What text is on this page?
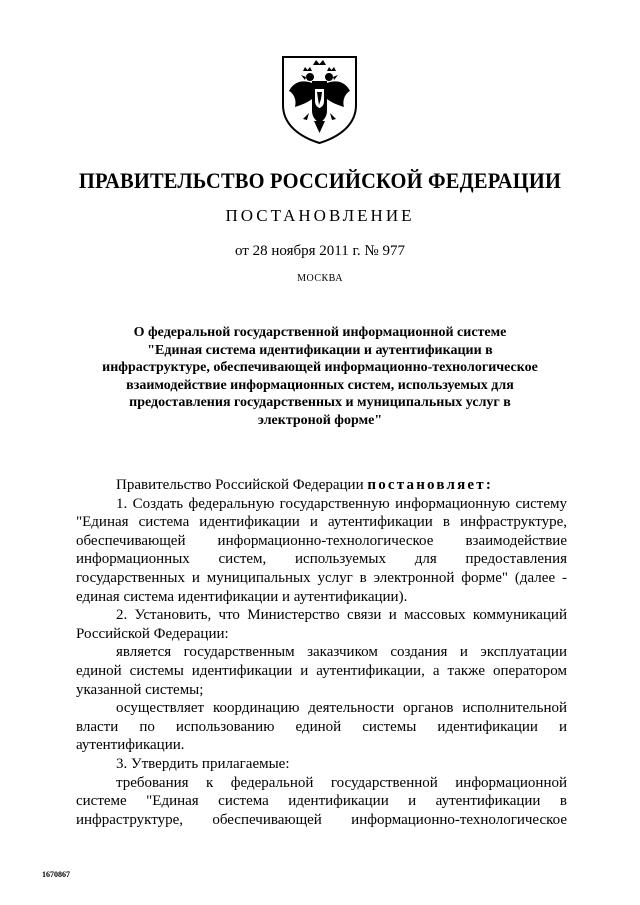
ПРАВИТЕЛЬСТВО РОССИЙСКОЙ ФЕДЕРАЦИИ
ПОСТАНОВЛЕНИЕ
от 28 ноября 2011 г. № 977
МОСКВА
О федеральной государственной информационной системе
"Единая система идентификации и аутентификации в
инфраструктуре, обеспечивающей информационно-технологическое
взаимодействие информационных систем, используемых для
предоставления государственных и муниципальных услуг в
электроной форме"

Правительство Российской Федерации постановляет:

1. Создать федеральную государственную информационную систему

"Единая система идентификации и аутентификации в инфраструктуре,

обеспечивающей информационно-технологическое взаимодействие

информационных систем, используемых для предоставления

государственных и муниципальных услуг в электронной форме" (далее -

единая система идентификации и аутентификации).

2. Установить, что Министерство связи и массовых коммуникаций

Российской Федерации:

является государственным заказчиком создания и эксплуатации

единой системы идентификации и аутентификации, а также оператором

указанной системы;

осуществляет координацию деятельности органов исполнительной

власти по использованию единой системы идентификации и

аутентификации.

3. Утвердить прилагаемые:

требования к федеральной государственной информационной

системе "Единая система идентификации и аутентификации в

инфраструктуре, обеспечивающей информационно-технологическое

1670867
